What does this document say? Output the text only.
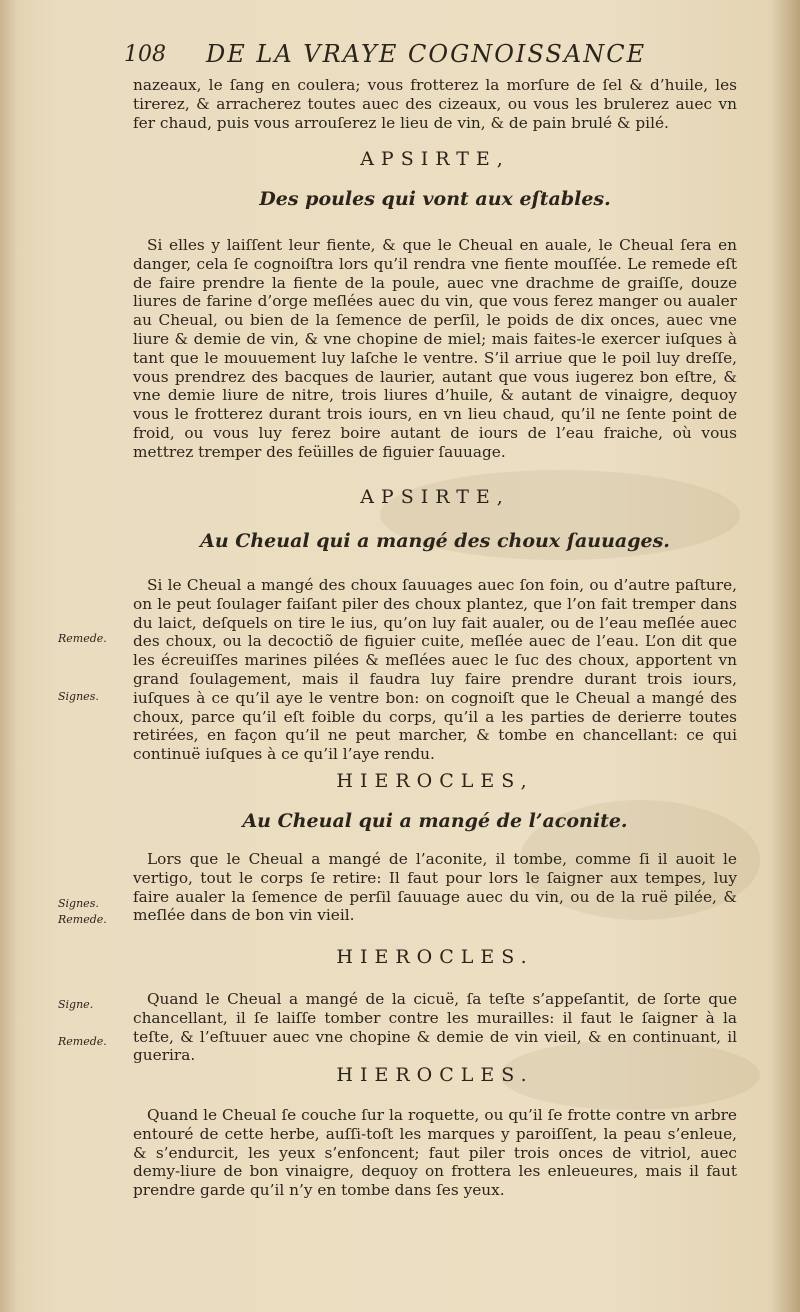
108 DE LA VRAYE COGNOISSANCE

nazeaux, le ſang en coulera; vous frotterez la morſure de ſel & d’huile, les tirerez, & arracherez toutes auec des cizeaux, ou vous les brulerez auec vn fer chaud, puis vous arrouſerez le lieu de vin, & de pain brulé & pilé.

APSIRTE,

Des poules qui vont aux eſtables.

Si elles y laiſſent leur fiente, & que le Cheual en auale, le Cheual ſera en danger, cela ſe cognoiſtra lors qu’il rendra vne fiente mouſſée. Le remede eſt de faire prendre la fiente de la poule, auec vne drachme de graiſſe, douze liures de farine d’orge meſlées auec du vin, que vous ferez manger ou aualer au Cheual, ou bien de la ſemence de perſil, le poids de dix onces, auec vne liure & demie de vin, & vne chopine de miel; mais faites-le exercer iuſques à tant que le mouuement luy laſche le ventre. S’il arriue que le poil luy dreſſe, vous prendrez des bacques de laurier, autant que vous iugerez bon eſtre, & vne demie liure de nitre, trois liures d’huile, & autant de vinaigre, dequoy vous le frotterez durant trois iours, en vn lieu chaud, qu’il ne ſente point de froid, ou vous luy ferez boire autant de iours de l’eau fraiche, où vous mettrez tremper des feüilles de figuier ſauuage.

APSIRTE,

Au Cheual qui a mangé des choux ſauuages.

Si le Cheual a mangé des choux ſauuages auec ſon foin, ou d’autre paſture, on le peut ſoulager faiſant piler des choux plantez, que l’on fait tremper dans du laict, deſquels on tire le ius, qu’on luy fait aualer, ou de l’eau meſlée auec des choux, ou la decoctiõ de figuier cuite, meſlée auec de l’eau. L’on dit que les écreuiſſes marines pilées & meſlées auec le ſuc des choux, apportent vn grand ſoulagement, mais il faudra luy faire prendre durant trois iours, iuſques à ce qu’il aye le ventre bon: on cognoiſt que le Cheual a mangé des choux, parce qu’il eſt foible du corps, qu’il a les parties de derierre toutes retirées, en façon qu’il ne peut marcher, & tombe en chancellant: ce qui continuë iuſques à ce qu’il l’aye rendu.

HIEROCLES,

Au Cheual qui a mangé de l’aconite.

Lors que le Cheual a mangé de l’aconite, il tombe, comme ſi il auoit le vertigo, tout le corps ſe retire: Il faut pour lors le ſaigner aux tempes, luy faire aualer la ſemence de perſil ſauuage auec du vin, ou de la ruë pilée, & meſlée dans de bon vin vieil.

HIEROCLES.

Quand le Cheual a mangé de la cicuë, ſa teſte s’appeſantit, de ſorte que chancellant, il ſe laiſſe tomber contre les murailles: il faut le ſaigner à la teſte, & l’eſtuuer auec vne chopine & demie de vin vieil, & en continuant, il guerira.

HIEROCLES.

Quand le Cheual ſe couche ſur la roquette, ou qu’il ſe frotte contre vn arbre entouré de cette herbe, auſſi-toſt les marques y paroiſſent, la peau s’enleue, & s’endurcit, les yeux s’enfoncent; faut piler trois onces de vitriol, auec demy-liure de bon vinaigre, dequoy on frottera les enleueures, mais il faut prendre garde qu’il n’y en tombe dans ſes yeux.

Remede.
Signes.
Signes.
Remede.
Signe.
Remede.
